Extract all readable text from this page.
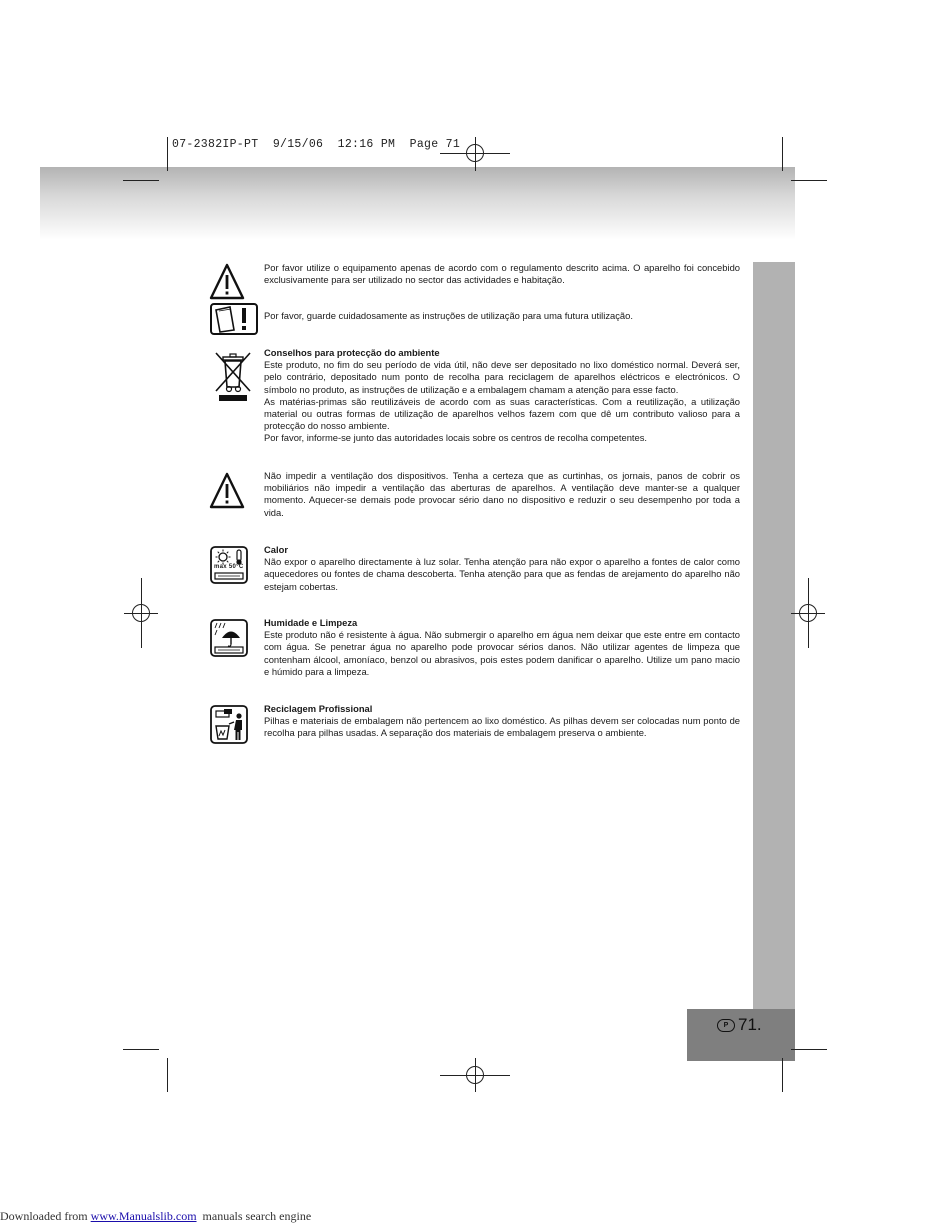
07-2382IP-PT  9/15/06  12:16 PM  Page 71

Por favor utilize o equipamento apenas de acordo com o regulamento descrito acima. O aparelho foi concebido exclusivamente para ser utilizado no sector das actividades e habitação.

Por favor, guarde cuidadosamente as instruções de utilização para uma futura utilização.

Conselhos para protecção do ambiente

Este produto, no fim do seu período de vida útil, não deve ser depositado no lixo doméstico normal. Deverá ser, pelo contrário, depositado num ponto de recolha para reciclagem de aparelhos eléctricos e electrónicos. O símbolo no produto, as instruções de utilização e a embalagem chamam a atenção para esse facto.

As matérias-primas são reutilizáveis de acordo com as suas características. Com a reutilização, a utilização material ou outras formas de utilização de aparelhos velhos fazem com que dê um contributo valioso para a protecção do nosso ambiente.

Por favor, informe-se junto das autoridades locais sobre os centros de recolha competentes.

Não impedir a ventilação dos dispositivos. Tenha a certeza que as curtinhas, os jornais, panos de cobrir os mobiliários não impedir a ventilação das aberturas de aparelhos. A ventilação deve manter-se a qualquer momento. Aquecer-se demais pode provocar sério dano no dispositivo e reduzir o seu desempenho por toda a vida.

max 50°C

Calor

Não expor o aparelho directamente à luz solar. Tenha atenção para não expor o aparelho a fontes de calor como aquecedores ou fontes de chama descoberta. Tenha atenção para que as fendas de arejamento do aparelho não estejam cobertas.

Humidade e Limpeza

Este produto não é resistente à água. Não submergir o aparelho em água nem deixar que este entre em contacto com água. Se penetrar água no aparelho pode provocar sérios danos. Não utilizar agentes de limpeza que contenham álcool, amoníaco, benzol ou abrasivos, pois estes podem danificar o aparelho. Utilize um pano macio e húmido para a limpeza.

Reciclagem Profissional

Pilhas e materiais de embalagem não pertencem ao lixo doméstico. As pilhas devem ser colocadas num ponto de recolha para pilhas usadas. A separação dos materiais de embalagem preserva o ambiente.

P 71.
Downloaded from www.Manualslib.com  manuals search engine
